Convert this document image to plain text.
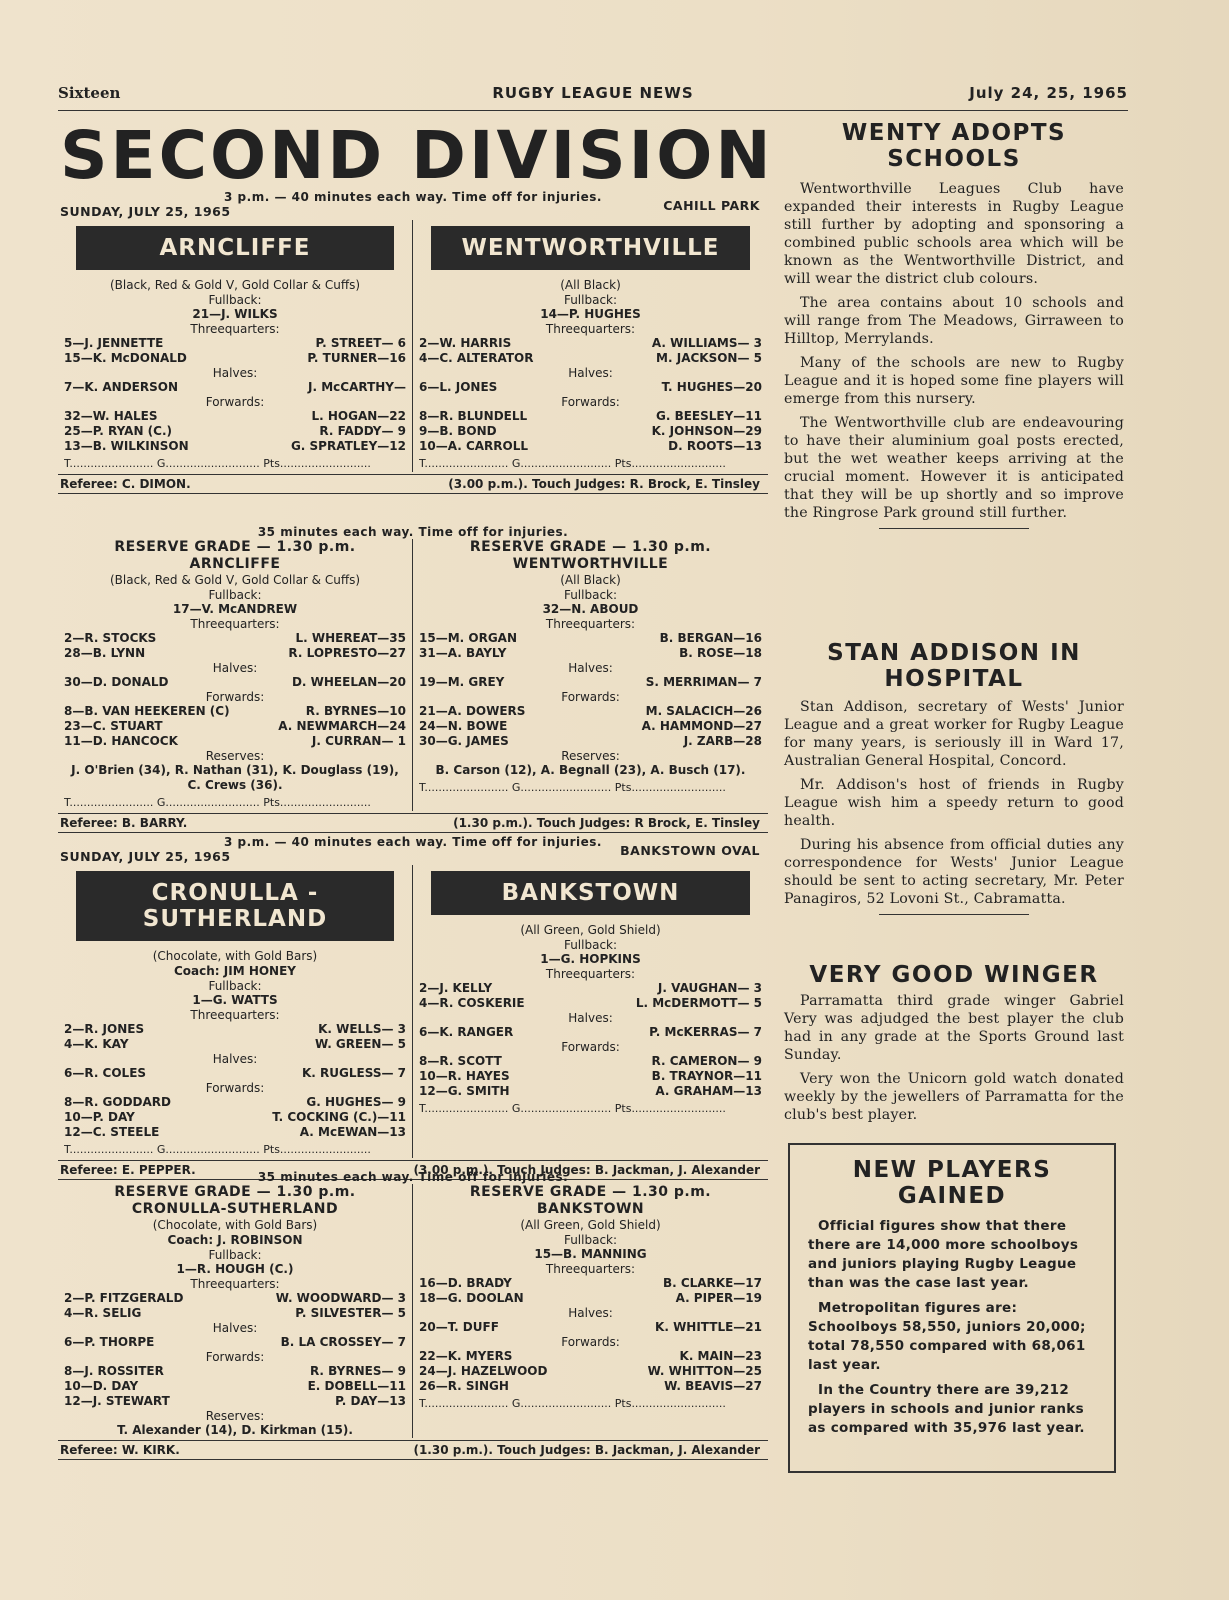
Sixteen	RUGBY LEAGUE NEWS	July 24, 25, 1965
SECOND DIVISION
3 p.m. — 40 minutes each way. Time off for injuries.
SUNDAY, JULY 25, 1965	CAHILL PARK
ARNCLIFFE
(Black, Red & Gold V, Gold Collar & Cuffs)
Fullback:
21—J. WILKS
Threequarters:
5—J. JENNETTE	P. STREET— 6
15—K. McDONALD	P. TURNER—16
Halves:
7—K. ANDERSON	J. McCARTHY—
Forwards:
32—W. HALES	L. HOGAN—22
25—P. RYAN (C.)	R. FADDY— 9
13—B. WILKINSON	G. SPRATLEY—12
T........................ G........................... Pts..........................
WENTWORTHVILLE
(All Black)
Fullback:
14—P. HUGHES
Threequarters:
2—W. HARRIS	A. WILLIAMS— 3
4—C. ALTERATOR	M. JACKSON— 5
Halves:
6—L. JONES	T. HUGHES—20
Forwards:
8—R. BLUNDELL	G. BEESLEY—11
9—B. BOND	K. JOHNSON—29
10—A. CARROLL	D. ROOTS—13
T........................ G.......................... Pts...........................
Referee: C. DIMON.	(3.00 p.m.). Touch Judges: R. Brock, E. Tinsley
35 minutes each way. Time off for injuries.
RESERVE GRADE — 1.30 p.m.
ARNCLIFFE
(Black, Red & Gold V, Gold Collar & Cuffs)
Fullback:
17—V. McANDREW
Threequarters:
2—R. STOCKS	L. WHEREAT—35
28—B. LYNN	R. LOPRESTO—27
Halves:
30—D. DONALD	D. WHEELAN—20
Forwards:
8—B. VAN HEEKEREN (C)	R. BYRNES—10
23—C. STUART	A. NEWMARCH—24
11—D. HANCOCK	J. CURRAN— 1
Reserves:
J. O'Brien (34), R. Nathan (31), K. Douglass (19), C. Crews (36).
T........................ G........................... Pts..........................
RESERVE GRADE — 1.30 p.m.
WENTWORTHVILLE
(All Black)
Fullback:
32—N. ABOUD
Threequarters:
15—M. ORGAN	B. BERGAN—16
31—A. BAYLY	B. ROSE—18
Halves:
19—M. GREY	S. MERRIMAN— 7
Forwards:
21—A. DOWERS	M. SALACICH—26
24—N. BOWE	A. HAMMOND—27
30—G. JAMES	J. ZARB—28
Reserves:
B. Carson (12), A. Begnall (23), A. Busch (17).
T........................ G.......................... Pts...........................
Referee: B. BARRY.	(1.30 p.m.). Touch Judges: R Brock, E. Tinsley
3 p.m. — 40 minutes each way. Time off for injuries.
SUNDAY, JULY 25, 1965	BANKSTOWN OVAL
CRONULLA - SUTHERLAND
(Chocolate, with Gold Bars)
Coach: JIM HONEY
Fullback:
1—G. WATTS
Threequarters:
2—R. JONES	K. WELLS— 3
4—K. KAY	W. GREEN— 5
Halves:
6—R. COLES	K. RUGLESS— 7
Forwards:
8—R. GODDARD	G. HUGHES— 9
10—P. DAY	T. COCKING (C.)—11
12—C. STEELE	A. McEWAN—13
T........................ G........................... Pts..........................
BANKSTOWN
(All Green, Gold Shield)
Fullback:
1—G. HOPKINS
Threequarters:
2—J. KELLY	J. VAUGHAN— 3
4—R. COSKERIE	L. McDERMOTT— 5
Halves:
6—K. RANGER	P. McKERRAS— 7
Forwards:
8—R. SCOTT	R. CAMERON— 9
10—R. HAYES	B. TRAYNOR—11
12—G. SMITH	A. GRAHAM—13
T........................ G.......................... Pts...........................
Referee: E. PEPPER.	(3.00 p.m.). Touch Judges: B. Jackman, J. Alexander
35 minutes each way. Time off for injuries.
RESERVE GRADE — 1.30 p.m.
CRONULLA-SUTHERLAND
(Chocolate, with Gold Bars)
Coach: J. ROBINSON
Fullback:
1—R. HOUGH (C.)
Threequarters:
2—P. FITZGERALD	W. WOODWARD— 3
4—R. SELIG	P. SILVESTER— 5
Halves:
6—P. THORPE	B. LA CROSSEY— 7
Forwards:
8—J. ROSSITER	R. BYRNES— 9
10—D. DAY	E. DOBELL—11
12—J. STEWART	P. DAY—13
Reserves:
T. Alexander (14), D. Kirkman (15).
RESERVE GRADE — 1.30 p.m.
BANKSTOWN
(All Green, Gold Shield)
Fullback:
15—B. MANNING
Threequarters:
16—D. BRADY	B. CLARKE—17
18—G. DOOLAN	A. PIPER—19
Halves:
20—T. DUFF	K. WHITTLE—21
Forwards:
22—K. MYERS	K. MAIN—23
24—J. HAZELWOOD	W. WHITTON—25
26—R. SINGH	W. BEAVIS—27
T........................ G.......................... Pts...........................
Referee: W. KIRK.	(1.30 p.m.). Touch Judges: B. Jackman, J. Alexander
WENTY ADOPTS SCHOOLS

Wentworthville Leagues Club have expanded their interests in Rugby League still further by adopting and sponsoring a combined public schools area which will be known as the Wentworthville District, and will wear the district club colours.

The area contains about 10 schools and will range from The Meadows, Girraween to Hilltop, Merrylands.

Many of the schools are new to Rugby League and it is hoped some fine players will emerge from this nursery.

The Wentworthville club are endeavouring to have their aluminium goal posts erected, but the wet weather keeps arriving at the crucial moment. However it is anticipated that they will be up shortly and so improve the Ringrose Park ground still further.

STAN ADDISON IN HOSPITAL

Stan Addison, secretary of Wests' Junior League and a great worker for Rugby League for many years, is seriously ill in Ward 17, Australian General Hospital, Concord.

Mr. Addison's host of friends in Rugby League wish him a speedy return to good health.

During his absence from official duties any correspondence for Wests' Junior League should be sent to acting secretary, Mr. Peter Panagiros, 52 Lovoni St., Cabramatta.

VERY GOOD WINGER

Parramatta third grade winger Gabriel Very was adjudged the best player the club had in any grade at the Sports Ground last Sunday.

Very won the Unicorn gold watch donated weekly by the jewellers of Parramatta for the club's best player.

NEW PLAYERS GAINED

Official figures show that there there are 14,000 more schoolboys and juniors playing Rugby League than was the case last year.

Metropolitan figures are: Schoolboys 58,550, juniors 20,000; total 78,550 compared with 68,061 last year.

In the Country there are 39,212 players in schools and junior ranks as compared with 35,976 last year.
